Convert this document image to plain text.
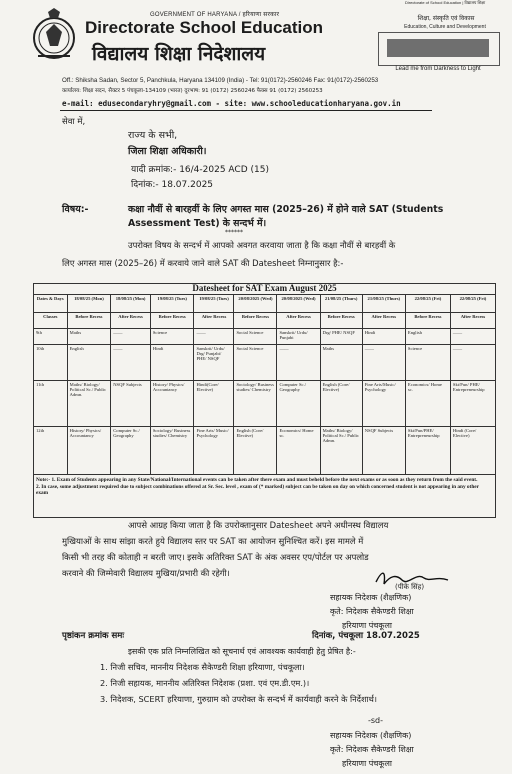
Directorate of School Education | विद्यालय शिक्षा
GOVERNMENT OF HARYANA / हरियाणा सरकार
Directorate School Education
विद्यालय शिक्षा निदेशालय
शिक्षा, संस्कृति एवं विकास
Education, Culture and Development
Lead me from Darkness to Light
Off.: Shiksha Sadan, Sector 5, Panchkula, Haryana 134109 (India) - Tel: 91(0172)-2560246 Fax: 91(0172)-2560253
कार्यालय: शिक्षा सदन, सैक्टर 5 पंचकूला-134109 (भारत) दूरभाष: 91 (0172) 2560246 फैक्स 91 (0172) 2560253
e-mail: edusecondaryhry@gmail.com - site: www.schooleducationharyana.gov.in
सेवा में,
राज्य के सभी,
जिला शिक्षा अधिकारी।
यादी क्रमांक:- 16/4-2025 ACD (15)
दिनांक:- 18.07.2025
विषय:-	कक्षा नौवीं से बारहवीं के लिए अगस्त मास (2025–26) में होने वाले SAT (Students
Assessment Test) के सन्दर्भ में।
******
उपरोक्त विषय के सन्दर्भ में आपको अवगत करवाया जाता है कि कक्षा नौवीं से बारहवीं के
लिए अगस्त मास (2025–26) में करवाये जाने वाले SAT की Datesheet निम्नानुसार है:-
Datesheet for SAT Exam August 2025
Dates & Days	18/08/25 (Mon)	18/08/25 (Mon)	19/08/25 (Tues)	19/08/25 (Tues)	20/08/2025 (Wed)	20/08/2025 (Wed)	21/08/25 (Thurs)	21/08/25 (Thurs)	22/08/25 (Fri)	22/08/25 (Fri)
Classes	Before Recess	After Recess	Before Recess	After Recess	Before Recess	After Recess	Before Recess	After Recess	Before Recess	After Recess
9th	Maths	——	Science	——	Social Science	Sanskrit/ Urdu/ Punjabi	Drg/ PHE/ NSQF	Hindi	English	——
10th	English	——	Hindi	Sanskrit/ Urdu/ Drg/ Punjabi/ PHE/ NSQF	Social Science	——	Maths	——	Science	——
11th	Maths/ Biology/ Political Sc./ Public Admn.	NSQF Subjects	History/ Physics/ Accountancy	Hindi(Core/ Elective)	Sociology/ Business studies/ Chemistry	Computer Sc./ Geography	English (Core/ Elective)	Fine Arts/Music/ Psychology	Economics/ Home sc.	Skt/Pun/ PHE/ Entrepreneurship
12th	History/ Physics/ Accountancy	Computer Sc./ Geography	Sociology/ Business studies/ Chemistry	Fine Arts/ Music/ Psychology	English (Core/ Elective)	Economics/ Home sc.	Maths/ Biology/ Political Sc./ Public Admn.	NSQF Subjects	Skt/Pun/PHE/ Entrepreneurship	Hindi (Core/ Elective)
Note:- 1. Exam of Students appearing in any State/National/International events can be taken after there exam and must beheld before the next exams or as soon as they return from the said event.
2. In case, some adjustment required due to subject combinations offered at Sr. Sec. level , exam of (* marked) subject can be taken on day on which concerned student is not appearing in any other exam
आपसे आग्रह किया जाता है कि उपरोक्तानुसार Datesheet अपने अधीनस्थ विद्यालय
मुखियाओं के साथ सांझा करते हुये विद्यालय स्तर पर SAT का आयोजन सुनिश्चित करें। इस मामले में
किसी भी तरह की कोताही न बरती जाए। इसके अतिरिक्त SAT के अंक अवसर एप/पोर्टल पर अपलोड
करवाने की जिम्मेवारी विद्यालय मुखिया/प्रभारी की रहेगी।
(पीके सिंह)
सहायक निदेशक (शैक्षणिक)
कृते: निदेशक सैकेण्डरी शिक्षा
हरियाणा पंचकूला
पृष्ठांकन क्रमांक समः	दिनांक, पंचकूला 18.07.2025
इसकी एक प्रति निम्नलिखित को सूचनार्थ एवं आवश्यक कार्यवाही हेतु प्रेषित है:-
1. निजी सचिव, माननीय निदेशक सैकेण्डरी शिक्षा हरियाणा, पंचकूला।
2. निजी सहायक, माननीय अतिरिक्त निदेशक (प्रशा. एवं एम.डी.एम.)।
3. निदेशक, SCERT हरियाणा, गुरुग्राम को उपरोक्त के सन्दर्भ में कार्यवाही करने के निर्देशार्थ।
-sd-
सहायक निदेशक (शैक्षणिक)
कृते: निदेशक सैकेण्डरी शिक्षा
हरियाणा पंचकूला
